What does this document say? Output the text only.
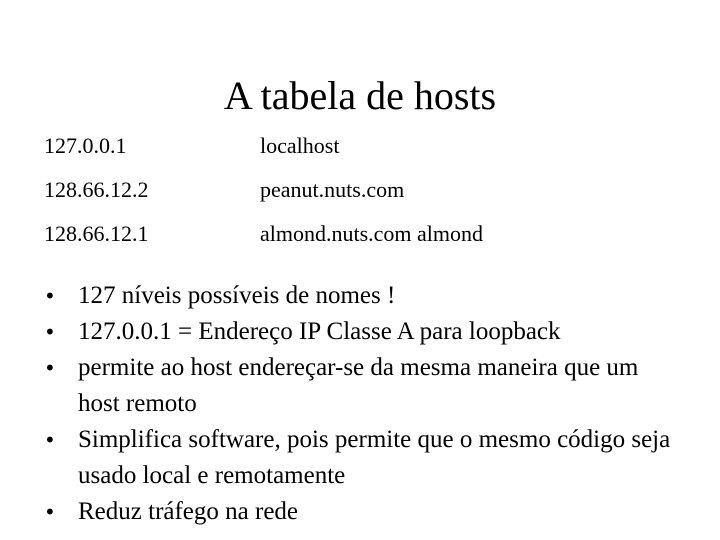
A tabela de hosts
127.0.0.1	localhost
128.66.12.2	peanut.nuts.com
128.66.12.1	almond.nuts.com almond
• 127 níveis possíveis de nomes !
• 127.0.0.1 = Endereço IP Classe A para loopback
• permite ao host endereçar-se da mesma maneira que um host remoto
• Simplifica software, pois permite que o mesmo código seja usado local e remotamente
• Reduz tráfego na rede
